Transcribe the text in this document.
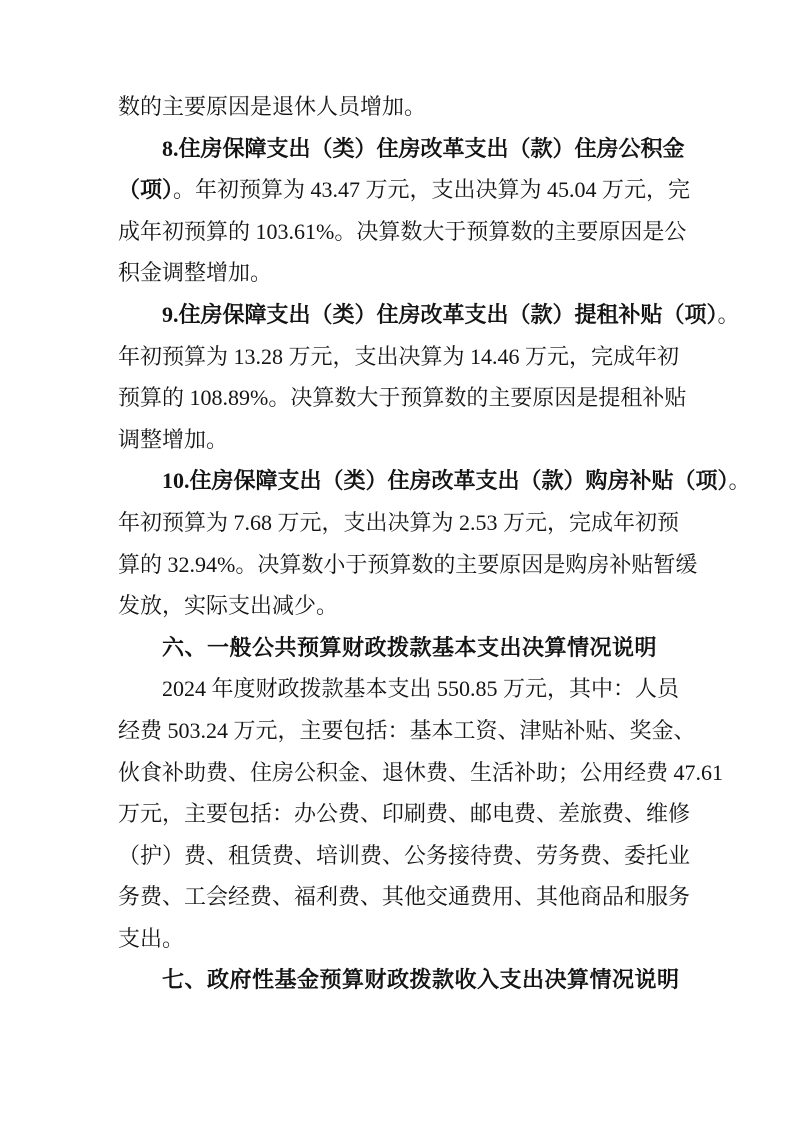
数的主要原因是退休人员增加。
8.住房保障支出（类）住房改革支出（款）住房公积金
（项）。年初预算为 43.47 万元，支出决算为 45.04 万元，完
成年初预算的 103.61%。决算数大于预算数的主要原因是公
积金调整增加。
9.住房保障支出（类）住房改革支出（款）提租补贴（项）。
年初预算为 13.28 万元，支出决算为 14.46 万元，完成年初
预算的 108.89%。决算数大于预算数的主要原因是提租补贴
调整增加。
10.住房保障支出（类）住房改革支出（款）购房补贴（项）。
年初预算为 7.68 万元，支出决算为 2.53 万元，完成年初预
算的 32.94%。决算数小于预算数的主要原因是购房补贴暂缓
发放，实际支出减少。
六、一般公共预算财政拨款基本支出决算情况说明
2024 年度财政拨款基本支出 550.85 万元，其中：人员
经费 503.24 万元，主要包括：基本工资、津贴补贴、奖金、
伙食补助费、住房公积金、退休费、生活补助；公用经费 47.61
万元，主要包括：办公费、印刷费、邮电费、差旅费、维修
（护）费、租赁费、培训费、公务接待费、劳务费、委托业
务费、工会经费、福利费、其他交通费用、其他商品和服务
支出。
七、政府性基金预算财政拨款收入支出决算情况说明
